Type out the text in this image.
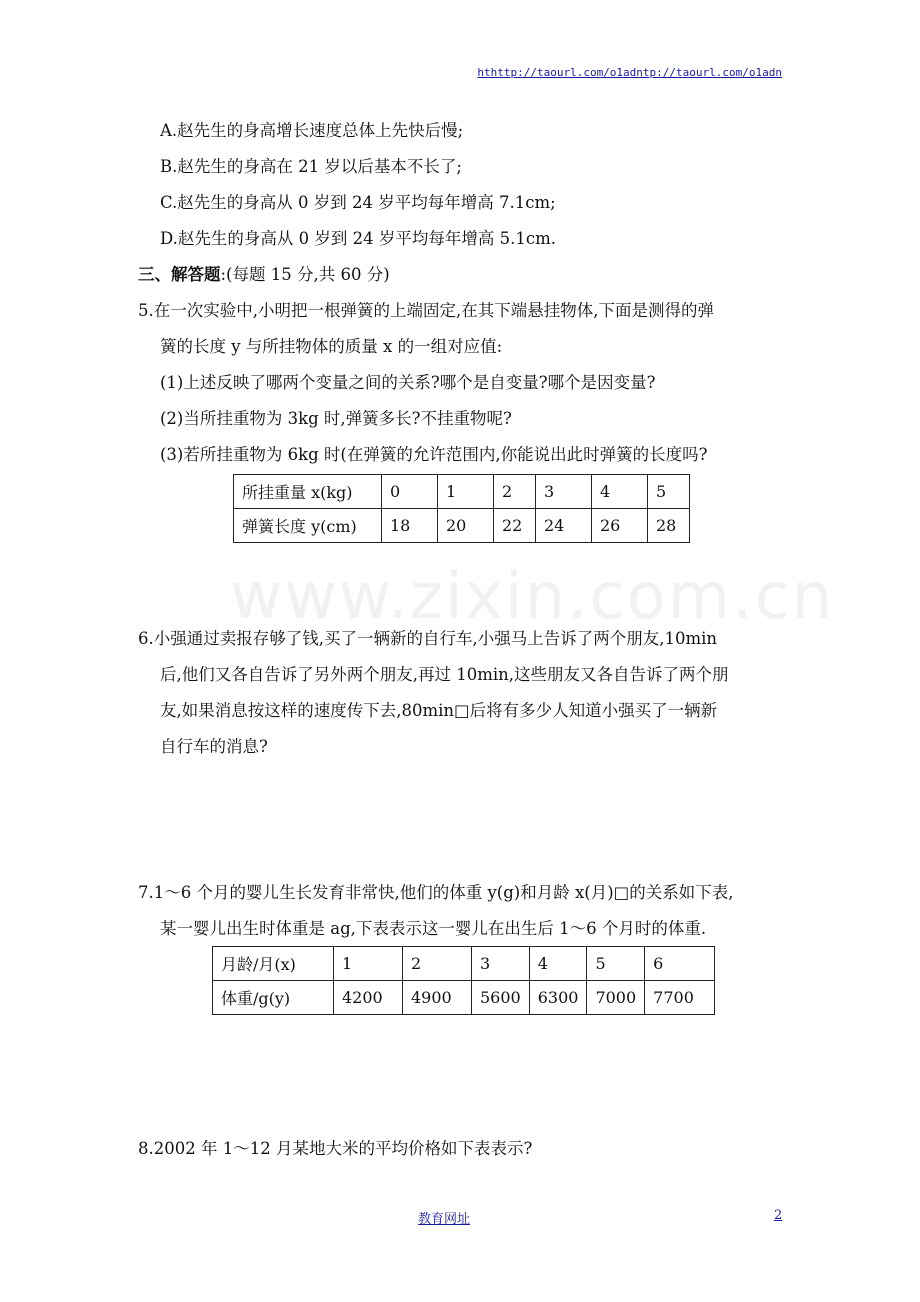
hthttp://taourl.com/o1adntp://taourl.com/o1adn
www.zixin.com.cn
A.赵先生的身高增长速度总体上先快后慢;
B.赵先生的身高在 21 岁以后基本不长了;
C.赵先生的身高从 0 岁到 24 岁平均每年增高 7.1cm;
D.赵先生的身高从 0 岁到 24 岁平均每年增高 5.1cm.
三、解答题:(每题 15 分,共 60 分)
5.在一次实验中,小明把一根弹簧的上端固定,在其下端悬挂物体,下面是测得的弹
簧的长度 y 与所挂物体的质量 x 的一组对应值:
(1)上述反映了哪两个变量之间的关系?哪个是自变量?哪个是因变量?
(2)当所挂重物为 3kg 时,弹簧多长?不挂重物呢?
(3)若所挂重物为 6kg 时(在弹簧的允许范围内,你能说出此时弹簧的长度吗?
所挂重量 x(kg)	0	1	2	3	4	5
弹簧长度 y(cm)	18	20	22	24	26	28
6.小强通过卖报存够了钱,买了一辆新的自行车,小强马上告诉了两个朋友,10min
后,他们又各自告诉了另外两个朋友,再过 10min,这些朋友又各自告诉了两个朋
友,如果消息按这样的速度传下去,80min□后将有多少人知道小强买了一辆新
自行车的消息?
7.1～6 个月的婴儿生长发育非常快,他们的体重 y(g)和月龄 x(月)□的关系如下表,
某一婴儿出生时体重是 ag,下表表示这一婴儿在出生后 1～6 个月时的体重.
月龄/月(x)	1	2	3	4	5	6
体重/g(y)	4200	4900	5600	6300	7000	7700
8.2002 年 1～12 月某地大米的平均价格如下表表示?
教育网址	2
